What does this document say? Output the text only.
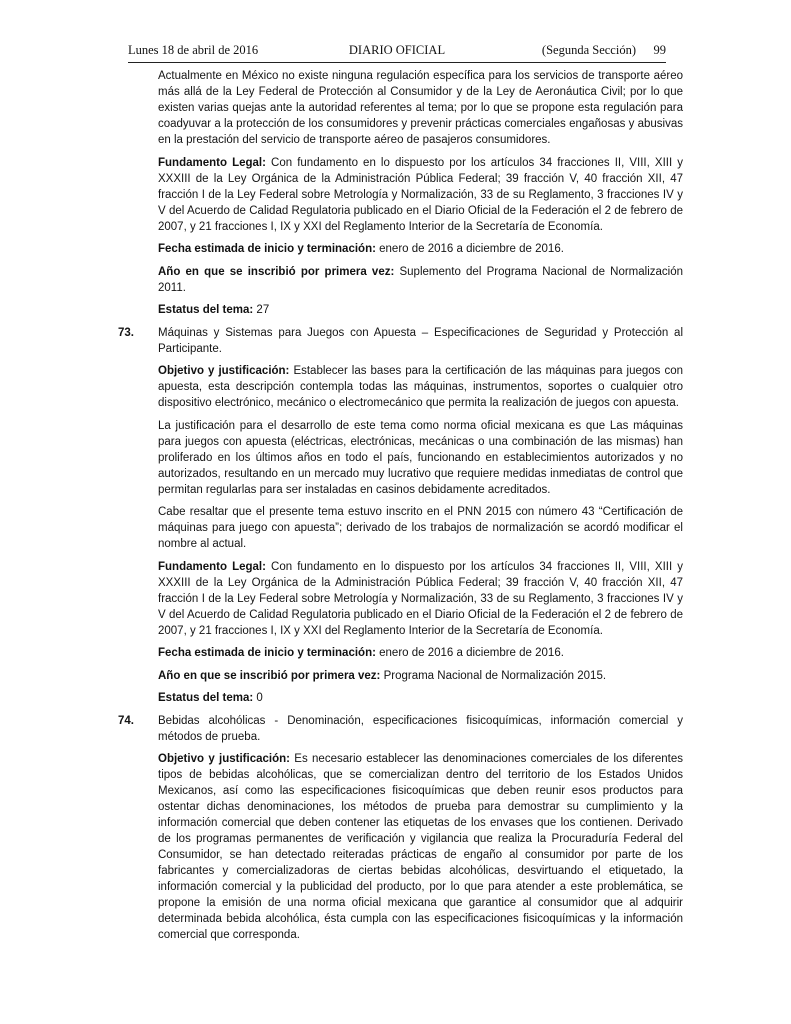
Lunes 18 de abril de 2016	DIARIO OFICIAL	(Segunda Sección) 99

Actualmente en México no existe ninguna regulación específica para los servicios de transporte aéreo más allá de la Ley Federal de Protección al Consumidor y de la Ley de Aeronáutica Civil; por lo que existen varias quejas ante la autoridad referentes al tema; por lo que se propone esta regulación para coadyuvar a la protección de los consumidores y prevenir prácticas comerciales engañosas y abusivas en la prestación del servicio de transporte aéreo de pasajeros consumidores.

Fundamento Legal: Con fundamento en lo dispuesto por los artículos 34 fracciones II, VIII, XIII y XXXIII de la Ley Orgánica de la Administración Pública Federal; 39 fracción V, 40 fracción XII, 47 fracción I de la Ley Federal sobre Metrología y Normalización, 33 de su Reglamento, 3 fracciones IV y V del Acuerdo de Calidad Regulatoria publicado en el Diario Oficial de la Federación el 2 de febrero de 2007, y 21 fracciones I, IX y XXI del Reglamento Interior de la Secretaría de Economía.

Fecha estimada de inicio y terminación: enero de 2016 a diciembre de 2016.

Año en que se inscribió por primera vez: Suplemento del Programa Nacional de Normalización 2011.

Estatus del tema: 27

73. Máquinas y Sistemas para Juegos con Apuesta – Especificaciones de Seguridad y Protección al Participante.

Objetivo y justificación: Establecer las bases para la certificación de las máquinas para juegos con apuesta, esta descripción contempla todas las máquinas, instrumentos, soportes o cualquier otro dispositivo electrónico, mecánico o electromecánico que permita la realización de juegos con apuesta.

La justificación para el desarrollo de este tema como norma oficial mexicana es que Las máquinas para juegos con apuesta (eléctricas, electrónicas, mecánicas o una combinación de las mismas) han proliferado en los últimos años en todo el país, funcionando en establecimientos autorizados y no autorizados, resultando en un mercado muy lucrativo que requiere medidas inmediatas de control que permitan regularlas para ser instaladas en casinos debidamente acreditados.

Cabe resaltar que el presente tema estuvo inscrito en el PNN 2015 con número 43 “Certificación de máquinas para juego con apuesta”; derivado de los trabajos de normalización se acordó modificar el nombre al actual.

Fundamento Legal: Con fundamento en lo dispuesto por los artículos 34 fracciones II, VIII, XIII y XXXIII de la Ley Orgánica de la Administración Pública Federal; 39 fracción V, 40 fracción XII, 47 fracción I de la Ley Federal sobre Metrología y Normalización, 33 de su Reglamento, 3 fracciones IV y V del Acuerdo de Calidad Regulatoria publicado en el Diario Oficial de la Federación el 2 de febrero de 2007, y 21 fracciones I, IX y XXI del Reglamento Interior de la Secretaría de Economía.

Fecha estimada de inicio y terminación: enero de 2016 a diciembre de 2016.

Año en que se inscribió por primera vez: Programa Nacional de Normalización 2015.

Estatus del tema: 0

74. Bebidas alcohólicas - Denominación, especificaciones fisicoquímicas, información comercial y métodos de prueba.

Objetivo y justificación: Es necesario establecer las denominaciones comerciales de los diferentes tipos de bebidas alcohólicas, que se comercializan dentro del territorio de los Estados Unidos Mexicanos, así como las especificaciones fisicoquímicas que deben reunir esos productos para ostentar dichas denominaciones, los métodos de prueba para demostrar su cumplimiento y la información comercial que deben contener las etiquetas de los envases que los contienen. Derivado de los programas permanentes de verificación y vigilancia que realiza la Procuraduría Federal del Consumidor, se han detectado reiteradas prácticas de engaño al consumidor por parte de los fabricantes y comercializadoras de ciertas bebidas alcohólicas, desvirtuando el etiquetado, la información comercial y la publicidad del producto, por lo que para atender a este problemática, se propone la emisión de una norma oficial mexicana que garantice al consumidor que al adquirir determinada bebida alcohólica, ésta cumpla con las especificaciones fisicoquímicas y la información comercial que corresponda.
